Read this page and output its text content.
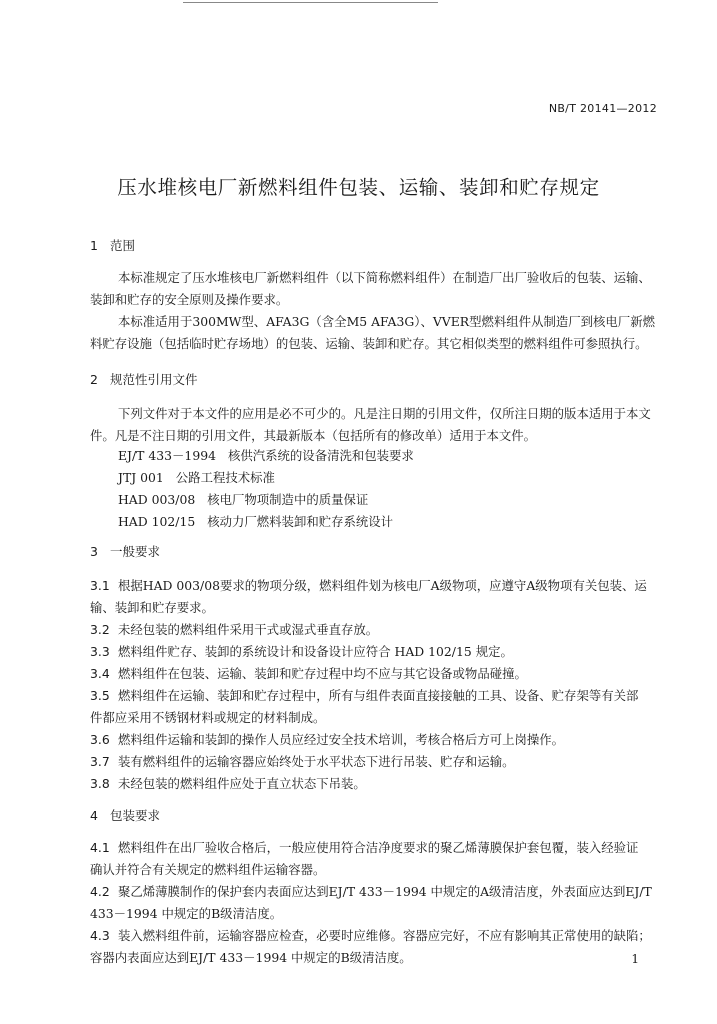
NB/T 20141—2012
压水堆核电厂新燃料组件包装、运输、装卸和贮存规定
1 范围
本标准规定了压水堆核电厂新燃料组件（以下简称燃料组件）在制造厂出厂验收后的包装、运输、
装卸和贮存的安全原则及操作要求。
本标准适用于300MW型、AFA3G（含全M5 AFA3G）、VVER型燃料组件从制造厂到核电厂新燃
料贮存设施（包括临时贮存场地）的包装、运输、装卸和贮存。其它相似类型的燃料组件可参照执行。
2 规范性引用文件
下列文件对于本文件的应用是必不可少的。凡是注日期的引用文件，仅所注日期的版本适用于本文
件。凡是不注日期的引用文件，其最新版本（包括所有的修改单）适用于本文件。
EJ/T 433－1994 核供汽系统的设备清洗和包装要求
JTJ 001 公路工程技术标准
HAD 003/08 核电厂物项制造中的质量保证
HAD 102/15 核动力厂燃料装卸和贮存系统设计
3 一般要求
3.1 根据HAD 003/08要求的物项分级，燃料组件划为核电厂A级物项，应遵守A级物项有关包装、运
输、装卸和贮存要求。
3.2 未经包装的燃料组件采用干式或湿式垂直存放。
3.3 燃料组件贮存、装卸的系统设计和设备设计应符合 HAD 102/15 规定。
3.4 燃料组件在包装、运输、装卸和贮存过程中均不应与其它设备或物品碰撞。
3.5 燃料组件在运输、装卸和贮存过程中，所有与组件表面直接接触的工具、设备、贮存架等有关部
件都应采用不锈钢材料或规定的材料制成。
3.6 燃料组件运输和装卸的操作人员应经过安全技术培训，考核合格后方可上岗操作。
3.7 装有燃料组件的运输容器应始终处于水平状态下进行吊装、贮存和运输。
3.8 未经包装的燃料组件应处于直立状态下吊装。
4 包装要求
4.1 燃料组件在出厂验收合格后，一般应使用符合洁净度要求的聚乙烯薄膜保护套包覆，装入经验证
确认并符合有关规定的燃料组件运输容器。
4.2 聚乙烯薄膜制作的保护套内表面应达到EJ/T 433－1994 中规定的A级清洁度，外表面应达到EJ/T
433－1994 中规定的B级清洁度。
4.3 装入燃料组件前，运输容器应检查，必要时应维修。容器应完好，不应有影响其正常使用的缺陷；
容器内表面应达到EJ/T 433－1994 中规定的B级清洁度。	1
